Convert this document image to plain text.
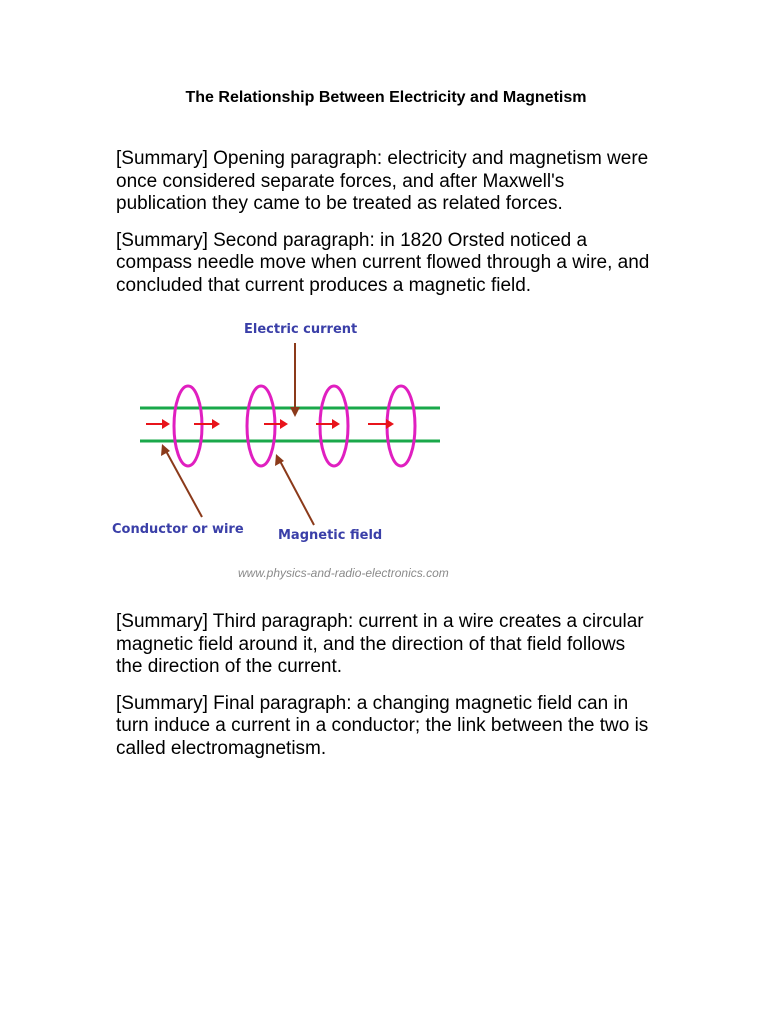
The Relationship Between Electricity and Magnetism

[Summary] Opening paragraph: electricity and magnetism were once considered separate forces, and after Maxwell's publication they came to be treated as related forces.

[Summary] Second paragraph: in 1820 Orsted noticed a compass needle move when current flowed through a wire, and concluded that current produces a magnetic field.

Electric current
Conductor or wire	Magnetic field
www.physics-and-radio-electronics.com

[Summary] Third paragraph: current in a wire creates a circular magnetic field around it, and the direction of that field follows the direction of the current.

[Summary] Final paragraph: a changing magnetic field can in turn induce a current in a conductor; the link between the two is called electromagnetism.
